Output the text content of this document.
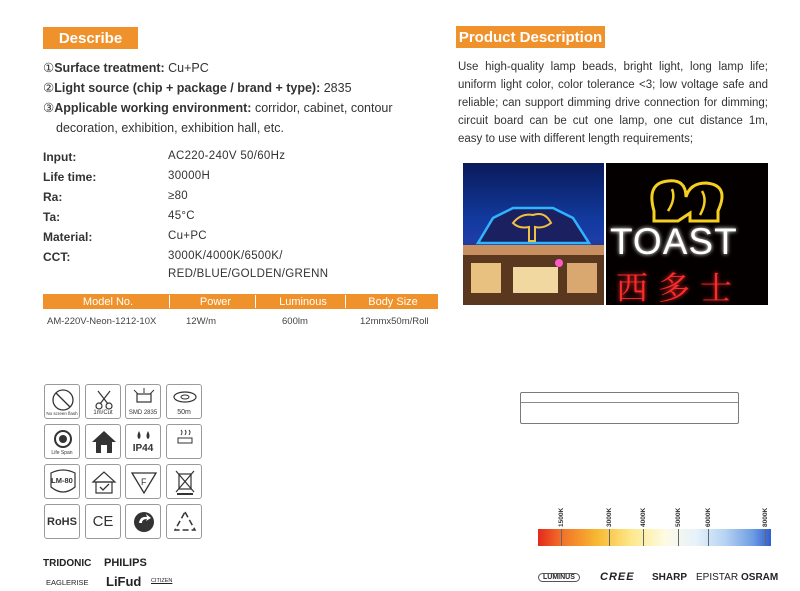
Describe
①Surface treatment: Cu+PC
②Light source (chip + package / brand + type): 2835
③Applicable working environment: corridor, cabinet, contour
decoration, exhibition, exhibition hall, etc.
Input:	AC220-240V 50/60Hz
Life time:	30000H
Ra:	≥80
Ta:	45°C
Material:	Cu+PC
CCT:	3000K/4000K/6500K/
RED/BLUE/GOLDEN/GRENN
Model No.	Power	Luminous	Body Size
AM-220V-Neon-1212-10X	12W/m	600lm	12mmx50m/Roll
Product Description
Use high-quality lamp beads, bright light, long lamp life;
uniform light color, color tolerance <3; low voltage safe and
reliable; can support dimming drive connection for dimming;
circuit board can be cut one lamp, one cut distance 1m,
easy to use with different length requirements;
TOAST
西多士
No screen flash	1m/Cut	SMD 2835	50m
Life Span	IP44
LM-80	F
RoHS	CE
TRIDONIC PHILIPS
EAGLERISE LiFud CITIZEN
1500K	3000K	4000K	5000K	6000K	8000K
LUMINUS	CREE SHARP EPISTAR OSRAM
